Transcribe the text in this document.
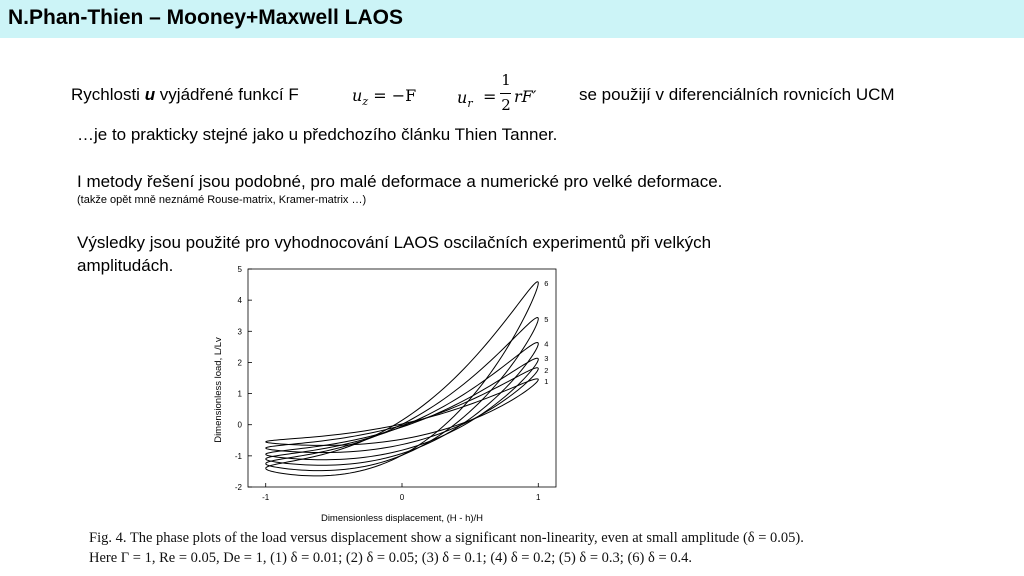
N.Phan-Thien – Mooney+Maxwell LAOS
Rychlosti u vyjádřené funkcí F	$u_z = -F$	$u_r$ =
1
2 rF′	se použijí v diferenciálních rovnicích UCM
…je to prakticky stejné jako u předchozího článku Thien Tanner.
I metody řešení jsou podobné, pro malé deformace a numerické pro velké deformace.
(takže opět mně neznámé Rouse-matrix, Kramer-matrix …)
Výsledky jsou použité pro vyhodnocování LAOS oscilačních experimentů při velkých
amplitudách.
-2
-1
0
1
2
3
4
5
-1	0	1
1
2
3
4
5
6
Dimensionless displacement, (H - h)/H
Dimensionless load, L/Lv
Fig. 4. The phase plots of the load versus displacement show a significant non-linearity, even at small amplitude (δ = 0.05).
Here Γ = 1, Re = 0.05, De = 1, (1) δ = 0.01; (2) δ = 0.05; (3) δ = 0.1; (4) δ = 0.2; (5) δ = 0.3; (6) δ = 0.4.
